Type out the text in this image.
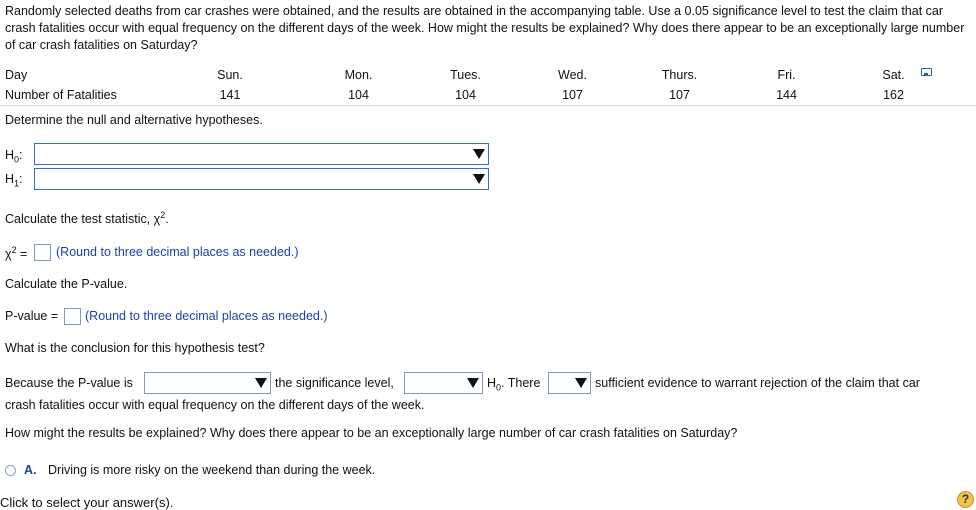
Randomly selected deaths from car crashes were obtained, and the results are obtained in the accompanying table. Use a 0.05 significance level to test the claim that car crash fatalities occur with equal frequency on the different days of the week. How might the results be explained? Why does there appear to be an exceptionally large number of car crash fatalities on Saturday?
Day	Sun.	Mon.	Tues.	Wed.	Thurs.	Fri.	Sat.
Number of Fatalities	141	104	104	107	107	144	162
Determine the null and alternative hypotheses.
$H_0$:
$H_1$:
Calculate the test statistic, $\chi^2$.
$\chi^2$ = (Round to three decimal places as needed.)
Calculate the P-value.
P-value = (Round to three decimal places as needed.)
What is the conclusion for this hypothesis test?
Because the P-value is	the significance level,	$H_0$. There	sufficient evidence to warrant rejection of the claim that car
crash fatalities occur with equal frequency on the different days of the week.
How might the results be explained? Why does there appear to be an exceptionally large number of car crash fatalities on Saturday?
A. Driving is more risky on the weekend than during the week.
Click to select your answer(s).	?
